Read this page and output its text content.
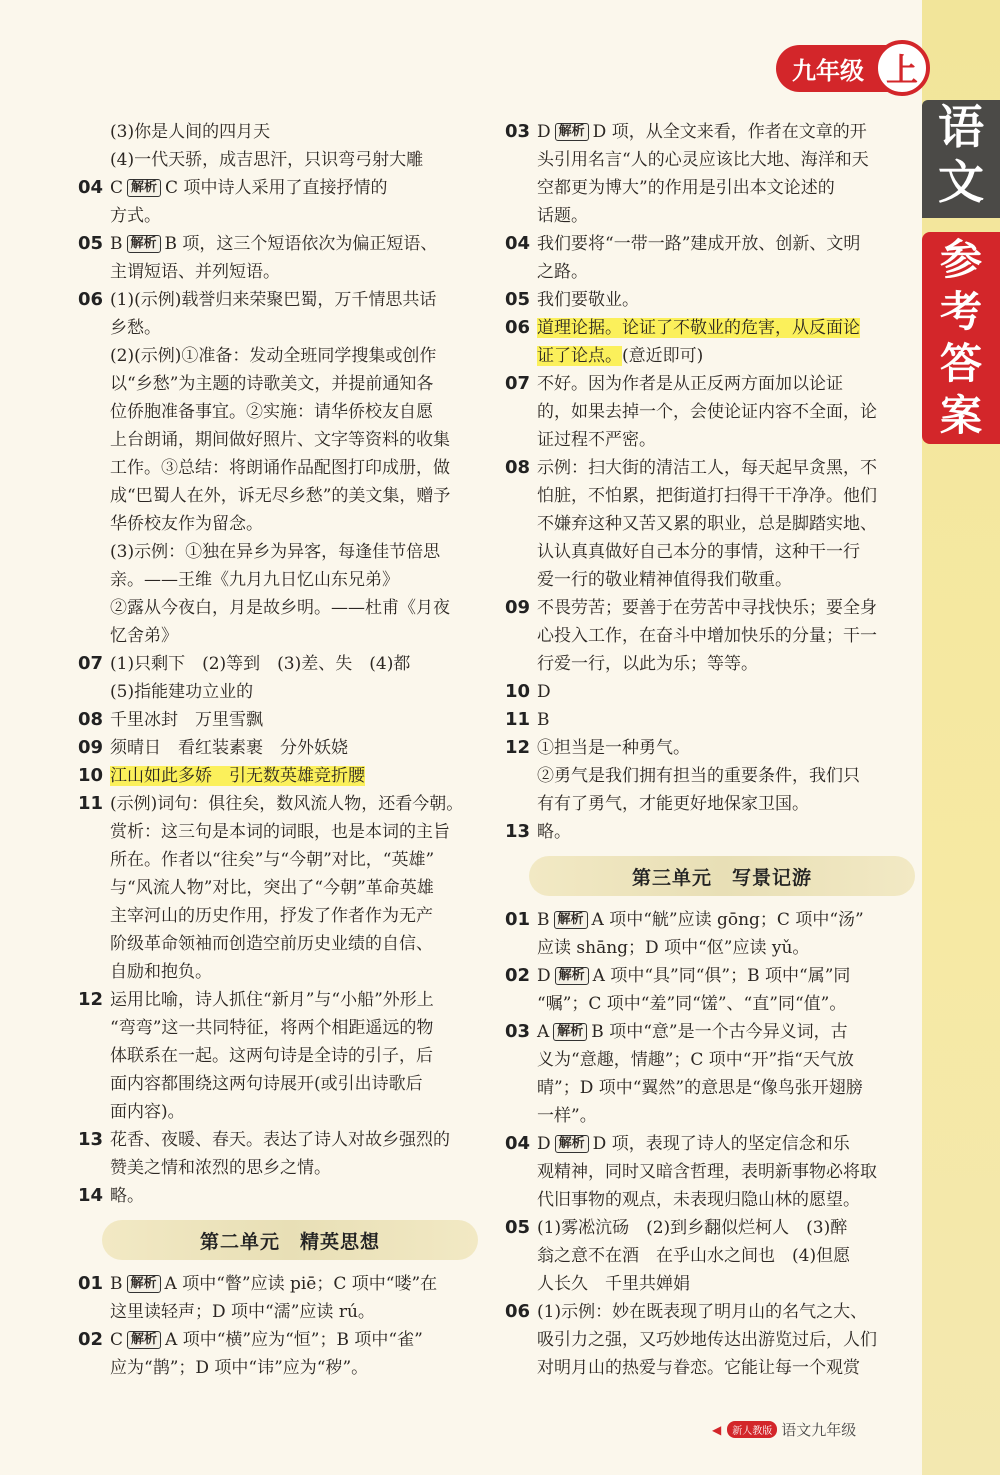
语
文
参
考
答
案
九年级 上
(3)你是人间的四月天
(4)一代天骄，成吉思汗，只识弯弓射大雕
04 C 解析 C 项中诗人采用了直接抒情的
方式。
05 B 解析 B 项，这三个短语依次为偏正短语、
主谓短语、并列短语。
06 (1)(示例)载誉归来荣聚巴蜀，万千情思共话
乡愁。
(2)(示例)①准备：发动全班同学搜集或创作
以“乡愁”为主题的诗歌美文，并提前通知各
位侨胞准备事宜。②实施：请华侨校友自愿
上台朗诵，期间做好照片、文字等资料的收集
工作。③总结：将朗诵作品配图打印成册，做
成“巴蜀人在外，诉无尽乡愁”的美文集，赠予
华侨校友作为留念。
(3)示例：①独在异乡为异客，每逢佳节倍思
亲。——王维《九月九日忆山东兄弟》
②露从今夜白，月是故乡明。——杜甫《月夜
忆舍弟》
07 (1)只剩下　(2)等到　(3)差、失　(4)都
(5)指能建功立业的
08 千里冰封　万里雪飘
09 须晴日　看红装素裹　分外妖娆
10 江山如此多娇　引无数英雄竞折腰
11 (示例)词句：俱往矣，数风流人物，还看今朝。
赏析：这三句是本词的词眼，也是本词的主旨
所在。作者以“往矣”与“今朝”对比，“英雄”
与“风流人物”对比，突出了“今朝”革命英雄
主宰河山的历史作用，抒发了作者作为无产
阶级革命领袖而创造空前历史业绩的自信、
自励和抱负。
12 运用比喻，诗人抓住“新月”与“小船”外形上
“弯弯”这一共同特征，将两个相距遥远的物
体联系在一起。这两句诗是全诗的引子，后
面内容都围绕这两句诗展开(或引出诗歌后
面内容)。
13 花香、夜暖、春天。表达了诗人对故乡强烈的
赞美之情和浓烈的思乡之情。
14 略。
第二单元　精英思想
01 B 解析 A 项中“瞥”应读 piē；C 项中“喽”在
这里读轻声；D 项中“濡”应读 rú。
02 C 解析 A 项中“横”应为“恒”；B 项中“雀”
应为“鹊”；D 项中“讳”应为“秽”。
03 D 解析 D 项，从全文来看，作者在文章的开
头引用名言“人的心灵应该比大地、海洋和天
空都更为博大”的作用是引出本文论述的
话题。
04 我们要将“一带一路”建成开放、创新、文明
之路。
05 我们要敬业。
06 道理论据。论证了不敬业的危害，从反面论
证了论点。(意近即可)
07 不好。因为作者是从正反两方面加以论证
的，如果去掉一个，会使论证内容不全面，论
证过程不严密。
08 示例：扫大街的清洁工人，每天起早贪黑，不
怕脏，不怕累，把街道打扫得干干净净。他们
不嫌弃这种又苦又累的职业，总是脚踏实地、
认认真真做好自己本分的事情，这种干一行
爱一行的敬业精神值得我们敬重。
09 不畏劳苦；要善于在劳苦中寻找快乐；要全身
心投入工作，在奋斗中增加快乐的分量；干一
行爱一行，以此为乐；等等。
10 D
11 B
12 ①担当是一种勇气。
②勇气是我们拥有担当的重要条件，我们只
有有了勇气，才能更好地保家卫国。
13 略。
第三单元　写景记游
01 B 解析 A 项中“觥”应读 gōng；C 项中“汤”
应读 shāng；D 项中“伛”应读 yǔ。
02 D 解析 A 项中“具”同“俱”；B 项中“属”同
“嘱”；C 项中“羞”同“馐”、“直”同“值”。
03 A 解析 B 项中“意”是一个古今异义词，古
义为“意趣，情趣”；C 项中“开”指“天气放
晴”；D 项中“翼然”的意思是“像鸟张开翅膀
一样”。
04 D 解析 D 项，表现了诗人的坚定信念和乐
观精神，同时又暗含哲理，表明新事物必将取
代旧事物的观点，未表现归隐山林的愿望。
05 (1)雾凇沆砀　(2)到乡翻似烂柯人　(3)醉
翁之意不在酒　在乎山水之间也　(4)但愿
人长久　千里共婵娟
06 (1)示例：妙在既表现了明月山的名气之大、
吸引力之强，又巧妙地传达出游览过后，人们
对明月山的热爱与眷恋。它能让每一个观赏
◀	新人教版 语文九年级
